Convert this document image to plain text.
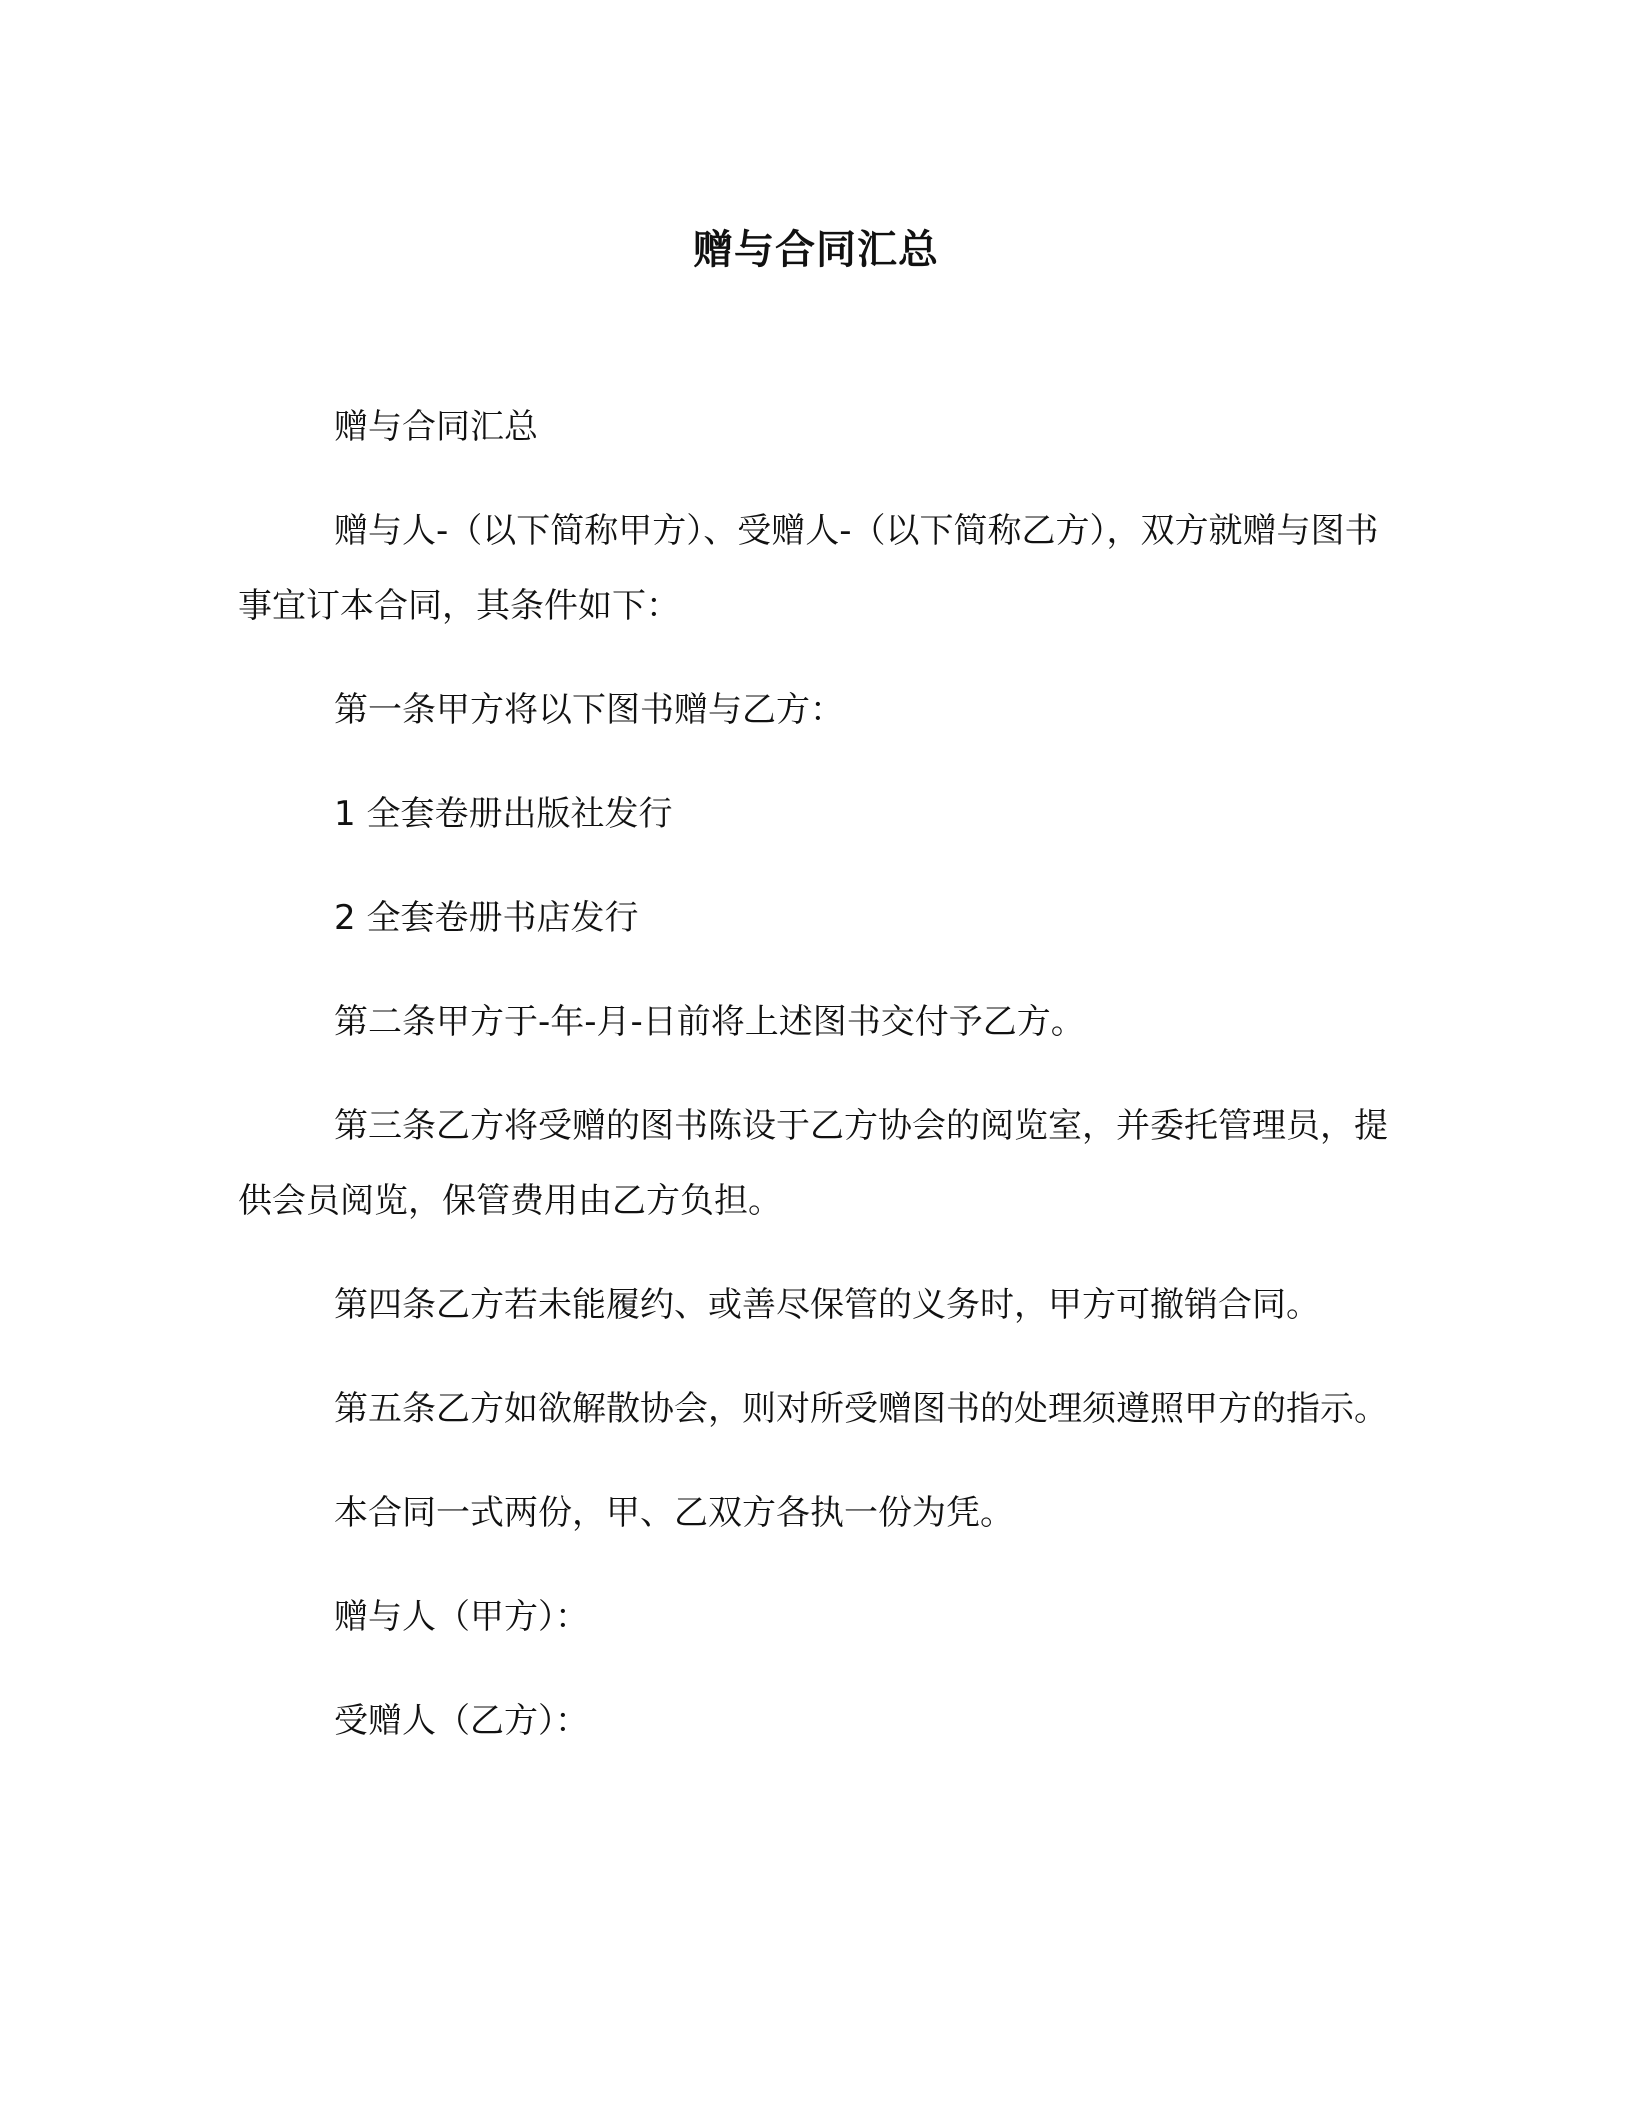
赠与合同汇总

赠与合同汇总

赠与人-（以下简称甲方）、受赠人-（以下简称乙方），双方就赠与图书事宜订本合同，其条件如下：

第一条甲方将以下图书赠与乙方：

1 全套卷册出版社发行

2 全套卷册书店发行

第二条甲方于-年-月-日前将上述图书交付予乙方。

第三条乙方将受赠的图书陈设于乙方协会的阅览室，并委托管理员，提供会员阅览，保管费用由乙方负担。

第四条乙方若未能履约、或善尽保管的义务时，甲方可撤销合同。

第五条乙方如欲解散协会，则对所受赠图书的处理须遵照甲方的指示。

本合同一式两份，甲、乙双方各执一份为凭。

赠与人（甲方）：

受赠人（乙方）：
